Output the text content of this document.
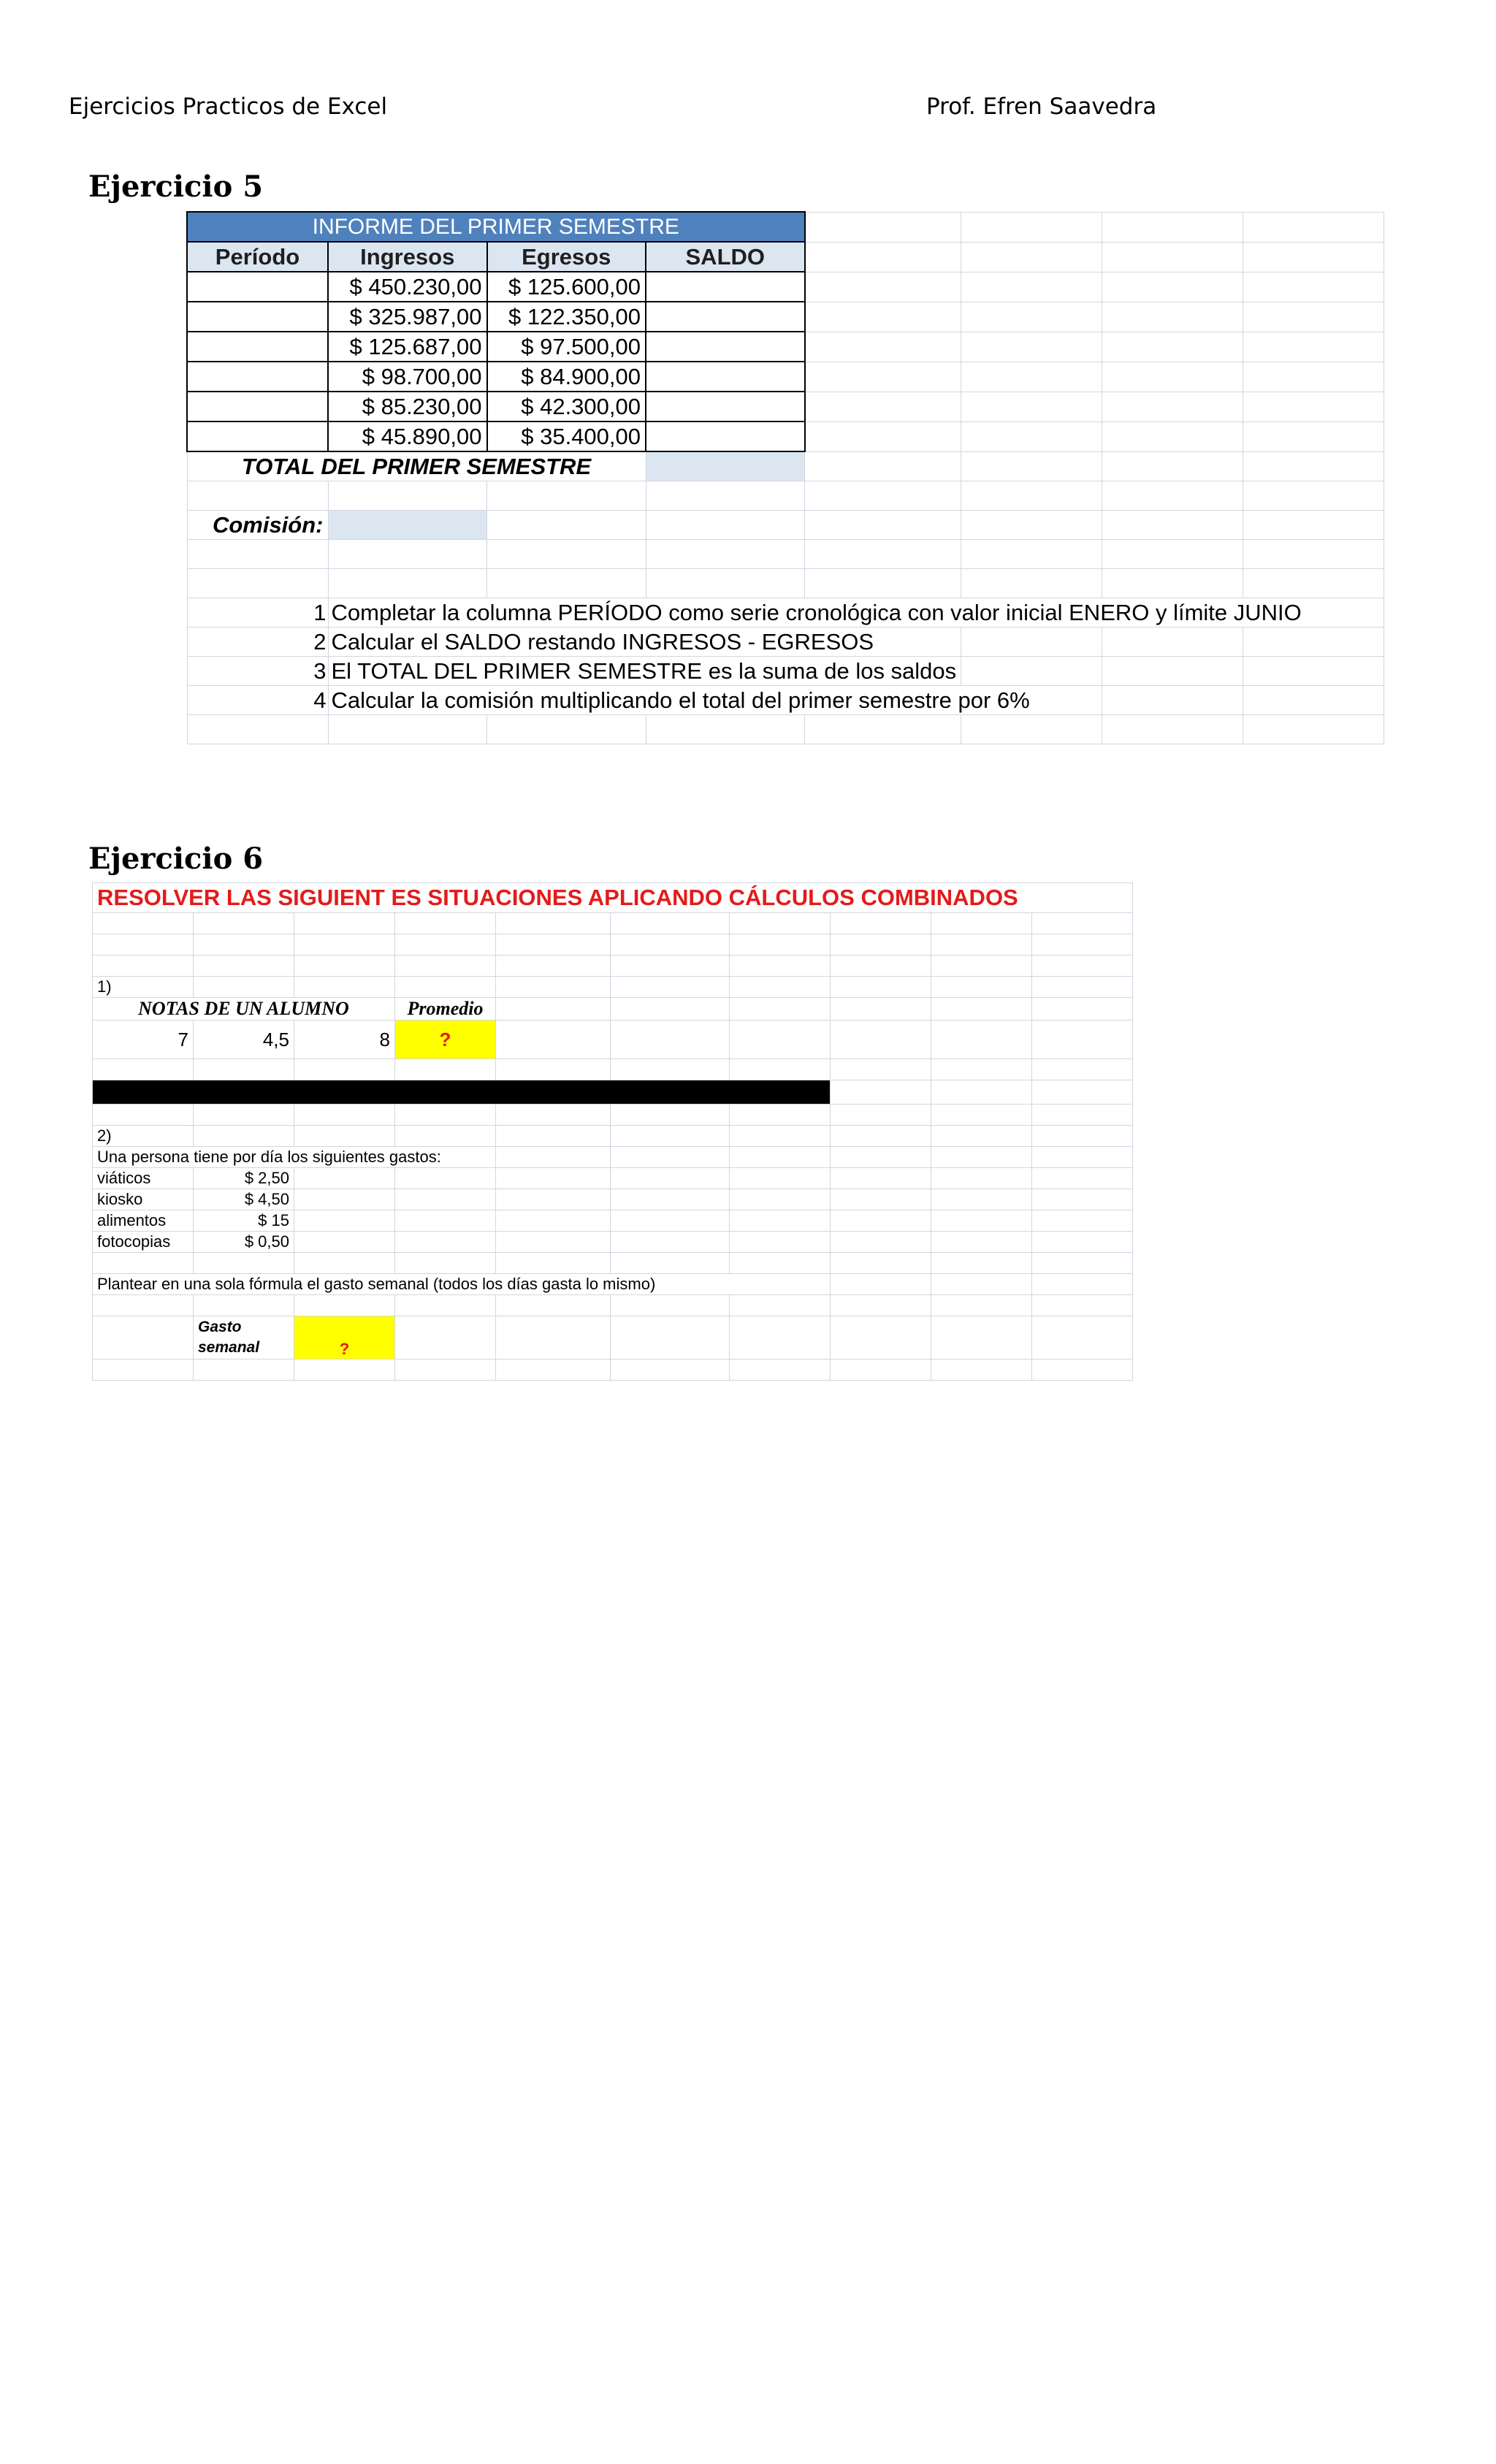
Ejercicios Practicos de Excel	Prof. Efren Saavedra
Ejercicio 5
INFORME DEL PRIMER SEMESTRE							
Período	Ingresos	Egresos	SALDO				
	$ 450.230,00	$ 125.600,00					
	$ 325.987,00	$ 122.350,00					
	$ 125.687,00	$ 97.500,00					
	$ 98.700,00	$ 84.900,00					
	$ 85.230,00	$ 42.300,00					
	$ 45.890,00	$ 35.400,00					
TOTAL DEL PRIMER SEMESTRE							

Comisión:							

1	Completar la columna PERÍODO como serie cronológica con valor inicial ENERO y límite JUNIO						
2	Calcular el SALDO restando INGRESOS - EGRESOS						
3	El TOTAL DEL PRIMER SEMESTRE es la suma de los saldos						
4	Calcular la comisión multiplicando el total del primer semestre por 6%						

Ejercicio 6
RESOLVER LAS SIGUIENT ES SITUACIONES APLICANDO CÁLCULOS COMBINADOS									

1)									
NOTAS DE UN ALUMNO			Promedio						
7	4,5	8	?						

2)									
Una persona tiene por día los siguientes gastos:									
viáticos	$ 2,50								
kiosko	$ 4,50								
alimentos	$ 15								
fotocopias	$ 0,50								

Plantear en una sola fórmula el gasto semanal (todos los días gasta lo mismo)									

	Gasto
semanal	?							
